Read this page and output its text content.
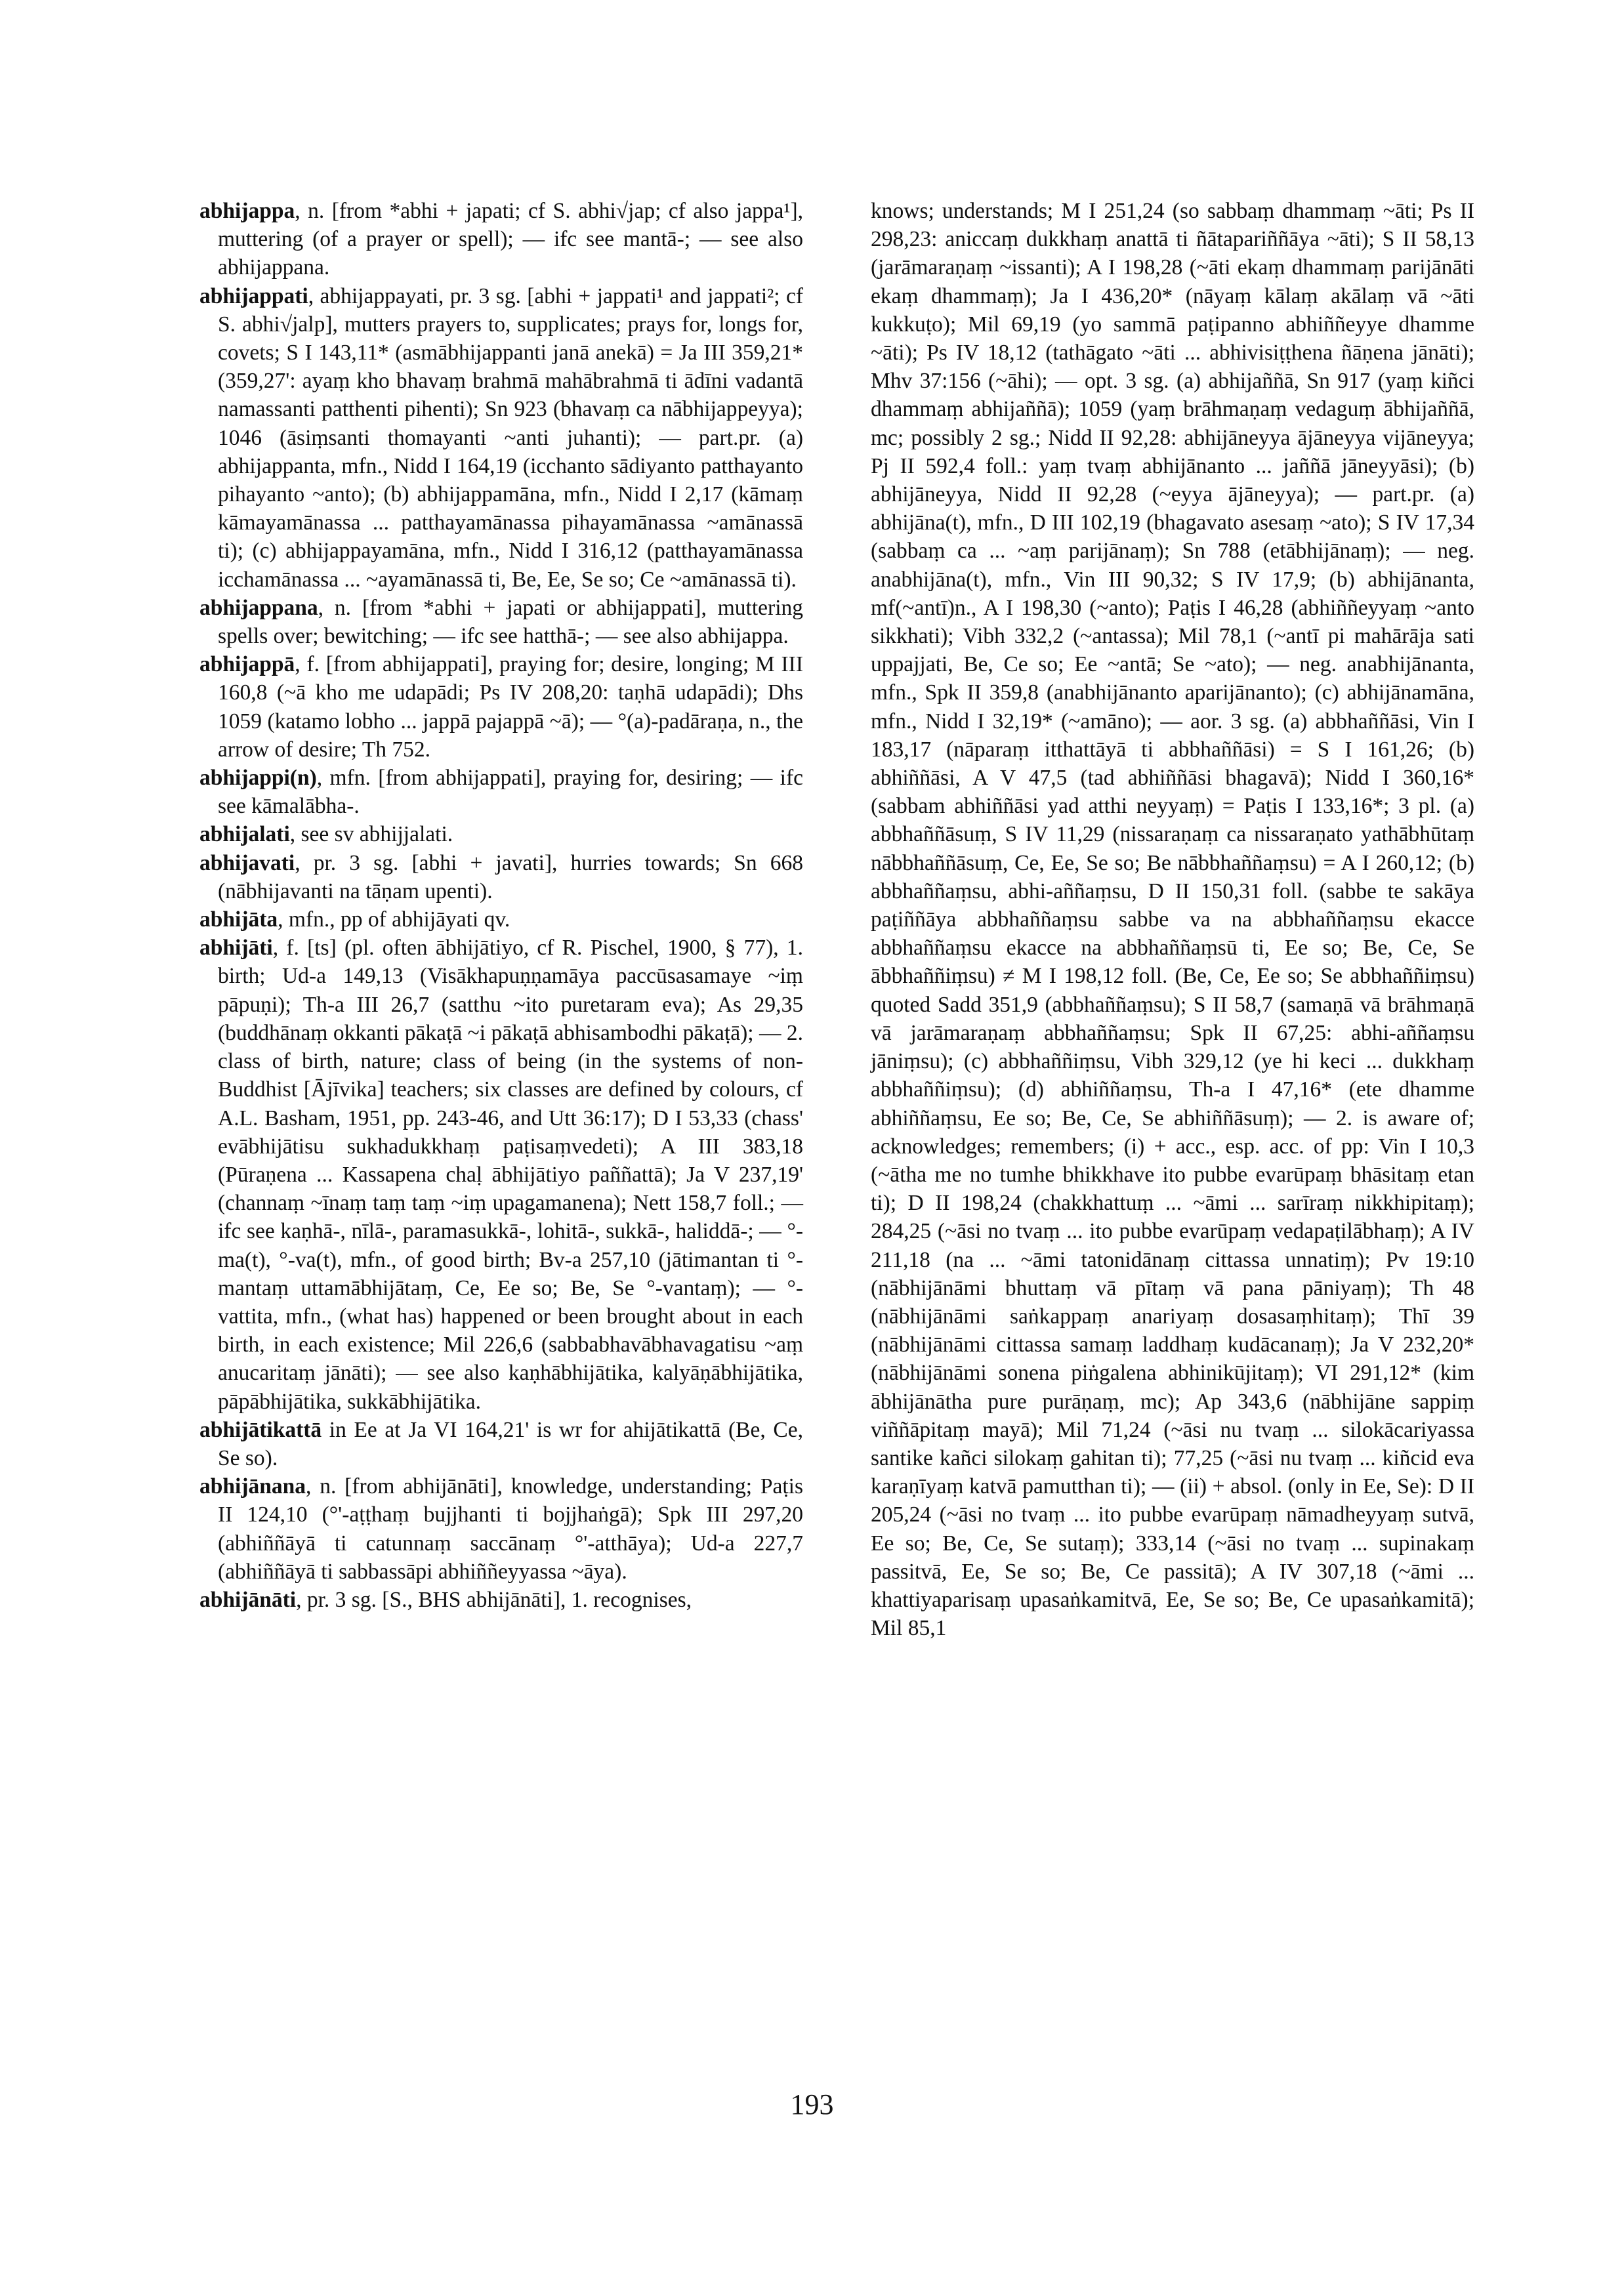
abhijappa, n. [from *abhi + japati; cf S. abhi√jap; cf also jappa¹], muttering (of a prayer or spell); — ifc see mantā-; — see also abhijappana.

abhijappati, abhijappayati, pr. 3 sg. [abhi + jappati¹ and jappati²; cf S. abhi√jalp], mutters prayers to, supplicates; prays for, longs for, covets; S I 143,11* (asmābhijappanti janā anekā) = Ja III 359,21* (359,27': ayaṃ kho bhavaṃ brahmā mahābrahmā ti ādīni vadantā namassanti patthenti pihenti); Sn 923 (bhavaṃ ca nābhijappeyya); 1046 (āsiṃsanti thomayanti ~anti juhanti); — part.pr. (a) abhijappanta, mfn., Nidd I 164,19 (icchanto sādiyanto patthayanto pihayanto ~anto); (b) abhijappamāna, mfn., Nidd I 2,17 (kāmaṃ kāmayamānassa ... patthayamānassa pihayamānassa ~amānassā ti); (c) abhijappayamāna, mfn., Nidd I 316,12 (patthayamānassa icchamānassa ... ~ayamānassā ti, Be, Ee, Se so; Ce ~amānassā ti).

abhijappana, n. [from *abhi + japati or abhijappati], muttering spells over; bewitching; — ifc see hatthā-; — see also abhijappa.

abhijappā, f. [from abhijappati], praying for; desire, longing; M III 160,8 (~ā kho me udapādi; Ps IV 208,20: taṇhā udapādi); Dhs 1059 (katamo lobho ... jappā pajappā ~ā); — °(a)-padāraṇa, n., the arrow of desire; Th 752.

abhijappi(n), mfn. [from abhijappati], praying for, desiring; — ifc see kāmalābha-.

abhijalati, see sv abhijjalati.

abhijavati, pr. 3 sg. [abhi + javati], hurries towards; Sn 668 (nābhijavanti na tāṇam upenti).

abhijāta, mfn., pp of abhijāyati qv.

abhijāti, f. [ts] (pl. often ābhijātiyo, cf R. Pischel, 1900, § 77), 1. birth; Ud-a 149,13 (Visākhapuṇṇamāya paccūsasamaye ~iṃ pāpuṇi); Th-a III 26,7 (satthu ~ito puretaram eva); As 29,35 (buddhānaṃ okkanti pākaṭā ~i pākaṭā abhisambodhi pākaṭā); — 2. class of birth, nature; class of being (in the systems of non-Buddhist [Ājīvika] teachers; six classes are defined by colours, cf A.L. Basham, 1951, pp. 243-46, and Utt 36:17); D I 53,33 (chass' evābhijātisu sukhadukkhaṃ paṭisaṃvedeti); A III 383,18 (Pūraṇena ... Kassapena chaḷ ābhijātiyo paññattā); Ja V 237,19' (channaṃ ~īnaṃ taṃ taṃ ~iṃ upagamanena); Nett 158,7 foll.; — ifc see kaṇhā-, nīlā-, paramasukkā-, lohitā-, sukkā-, haliddā-; — °-ma(t), °-va(t), mfn., of good birth; Bv-a 257,10 (jātimantan ti °-mantaṃ uttamābhijātaṃ, Ce, Ee so; Be, Se °-vantaṃ); — °-vattita, mfn., (what has) happened or been brought about in each birth, in each existence; Mil 226,6 (sabbabhavābhavagatisu ~aṃ anucaritaṃ jānāti); — see also kaṇhābhijātika, kalyāṇābhijātika, pāpābhijātika, sukkābhijātika.

abhijātikattā in Ee at Ja VI 164,21' is wr for ahijātikattā (Be, Ce, Se so).

abhijānana, n. [from abhijānāti], knowledge, understanding; Paṭis II 124,10 (°'-aṭṭhaṃ bujjhanti ti bojjhaṅgā); Spk III 297,20 (abhiññāyā ti catunnaṃ saccānaṃ °'-atthāya); Ud-a 227,7 (abhiññāyā ti sabbassāpi abhiññeyyassa ~āya).

abhijānāti, pr. 3 sg. [S., BHS abhijānāti], 1. recognises,

knows; understands; M I 251,24 (so sabbaṃ dhammaṃ ~āti; Ps II 298,23: aniccaṃ dukkhaṃ anattā ti ñātapariññāya ~āti); S II 58,13 (jarāmaraṇaṃ ~issanti); A I 198,28 (~āti ekaṃ dhammaṃ parijānāti ekaṃ dhammaṃ); Ja I 436,20* (nāyaṃ kālaṃ akālaṃ vā ~āti kukkuṭo); Mil 69,19 (yo sammā paṭipanno abhiññeyye dhamme ~āti); Ps IV 18,12 (tathāgato ~āti ... abhivisiṭṭhena ñāṇena jānāti); Mhv 37:156 (~āhi); — opt. 3 sg. (a) abhijaññā, Sn 917 (yaṃ kiñci dhammaṃ abhijaññā); 1059 (yaṃ brāhmaṇaṃ vedaguṃ ābhijaññā, mc; possibly 2 sg.; Nidd II 92,28: abhijāneyya ājāneyya vijāneyya; Pj II 592,4 foll.: yaṃ tvaṃ abhijānanto ... jaññā jāneyyāsi); (b) abhijāneyya, Nidd II 92,28 (~eyya ājāneyya); — part.pr. (a) abhijāna(t), mfn., D III 102,19 (bhagavato asesaṃ ~ato); S IV 17,34 (sabbaṃ ca ... ~aṃ parijānaṃ); Sn 788 (etābhijānaṃ); — neg. anabhijāna(t), mfn., Vin III 90,32; S IV 17,9; (b) abhijānanta, mf(~antī)n., A I 198,30 (~anto); Paṭis I 46,28 (abhiññeyyaṃ ~anto sikkhati); Vibh 332,2 (~antassa); Mil 78,1 (~antī pi mahārāja sati uppajjati, Be, Ce so; Ee ~antā; Se ~ato); — neg. anabhijānanta, mfn., Spk II 359,8 (anabhijānanto aparijānanto); (c) abhijānamāna, mfn., Nidd I 32,19* (~amāno); — aor. 3 sg. (a) abbhaññāsi, Vin I 183,17 (nāparaṃ itthattāyā ti abbhaññāsi) = S I 161,26; (b) abhiññāsi, A V 47,5 (tad abhiññāsi bhagavā); Nidd I 360,16* (sabbam abhiññāsi yad atthi neyyaṃ) = Paṭis I 133,16*; 3 pl. (a) abbhaññāsuṃ, S IV 11,29 (nissaraṇaṃ ca nissaraṇato yathābhūtaṃ nābbhaññāsuṃ, Ce, Ee, Se so; Be nābbhaññaṃsu) = A I 260,12; (b) abbhaññaṃsu, abhi-aññaṃsu, D II 150,31 foll. (sabbe te sakāya paṭiññāya abbhaññaṃsu sabbe va na abbhaññaṃsu ekacce abbhaññaṃsu ekacce na abbhaññaṃsū ti, Ee so; Be, Ce, Se ābbhaññiṃsu) ≠ M I 198,12 foll. (Be, Ce, Ee so; Se abbhaññiṃsu) quoted Sadd 351,9 (abbhaññaṃsu); S II 58,7 (samaṇā vā brāhmaṇā vā jarāmaraṇaṃ abbhaññaṃsu; Spk II 67,25: abhi-aññaṃsu jāniṃsu); (c) abbhaññiṃsu, Vibh 329,12 (ye hi keci ... dukkhaṃ abbhaññiṃsu); (d) abhiññaṃsu, Th-a I 47,16* (ete dhamme abhiññaṃsu, Ee so; Be, Ce, Se abhiññāsuṃ); — 2. is aware of; acknowledges; remembers; (i) + acc., esp. acc. of pp: Vin I 10,3 (~ātha me no tumhe bhikkhave ito pubbe evarūpaṃ bhāsitaṃ etan ti); D II 198,24 (chakkhattuṃ ... ~āmi ... sarīraṃ nikkhipitaṃ); 284,25 (~āsi no tvaṃ ... ito pubbe evarūpaṃ vedapaṭilābhaṃ); A IV 211,18 (na ... ~āmi tatonidānaṃ cittassa unnatiṃ); Pv 19:10 (nābhijānāmi bhuttaṃ vā pītaṃ vā pana pāniyaṃ); Th 48 (nābhijānāmi saṅkappaṃ anariyaṃ dosasaṃhitaṃ); Thī 39 (nābhijānāmi cittassa samaṃ laddhaṃ kudācanaṃ); Ja V 232,20* (nābhijānāmi sonena piṅgalena abhinikūjitaṃ); VI 291,12* (kim ābhijānātha pure purāṇaṃ, mc); Ap 343,6 (nābhijāne sappiṃ viññāpitaṃ mayā); Mil 71,24 (~āsi nu tvaṃ ... silokācariyassa santike kañci silokaṃ gahitan ti); 77,25 (~āsi nu tvaṃ ... kiñcid eva karaṇīyaṃ katvā pamutthan ti); — (ii) + absol. (only in Ee, Se): D II 205,24 (~āsi no tvaṃ ... ito pubbe evarūpaṃ nāmadheyyaṃ sutvā, Ee so; Be, Ce, Se sutaṃ); 333,14 (~āsi no tvaṃ ... supinakaṃ passitvā, Ee, Se so; Be, Ce passitā); A IV 307,18 (~āmi ... khattiyaparisaṃ upasaṅkamitvā, Ee, Se so; Be, Ce upasaṅkamitā); Mil 85,1

193
